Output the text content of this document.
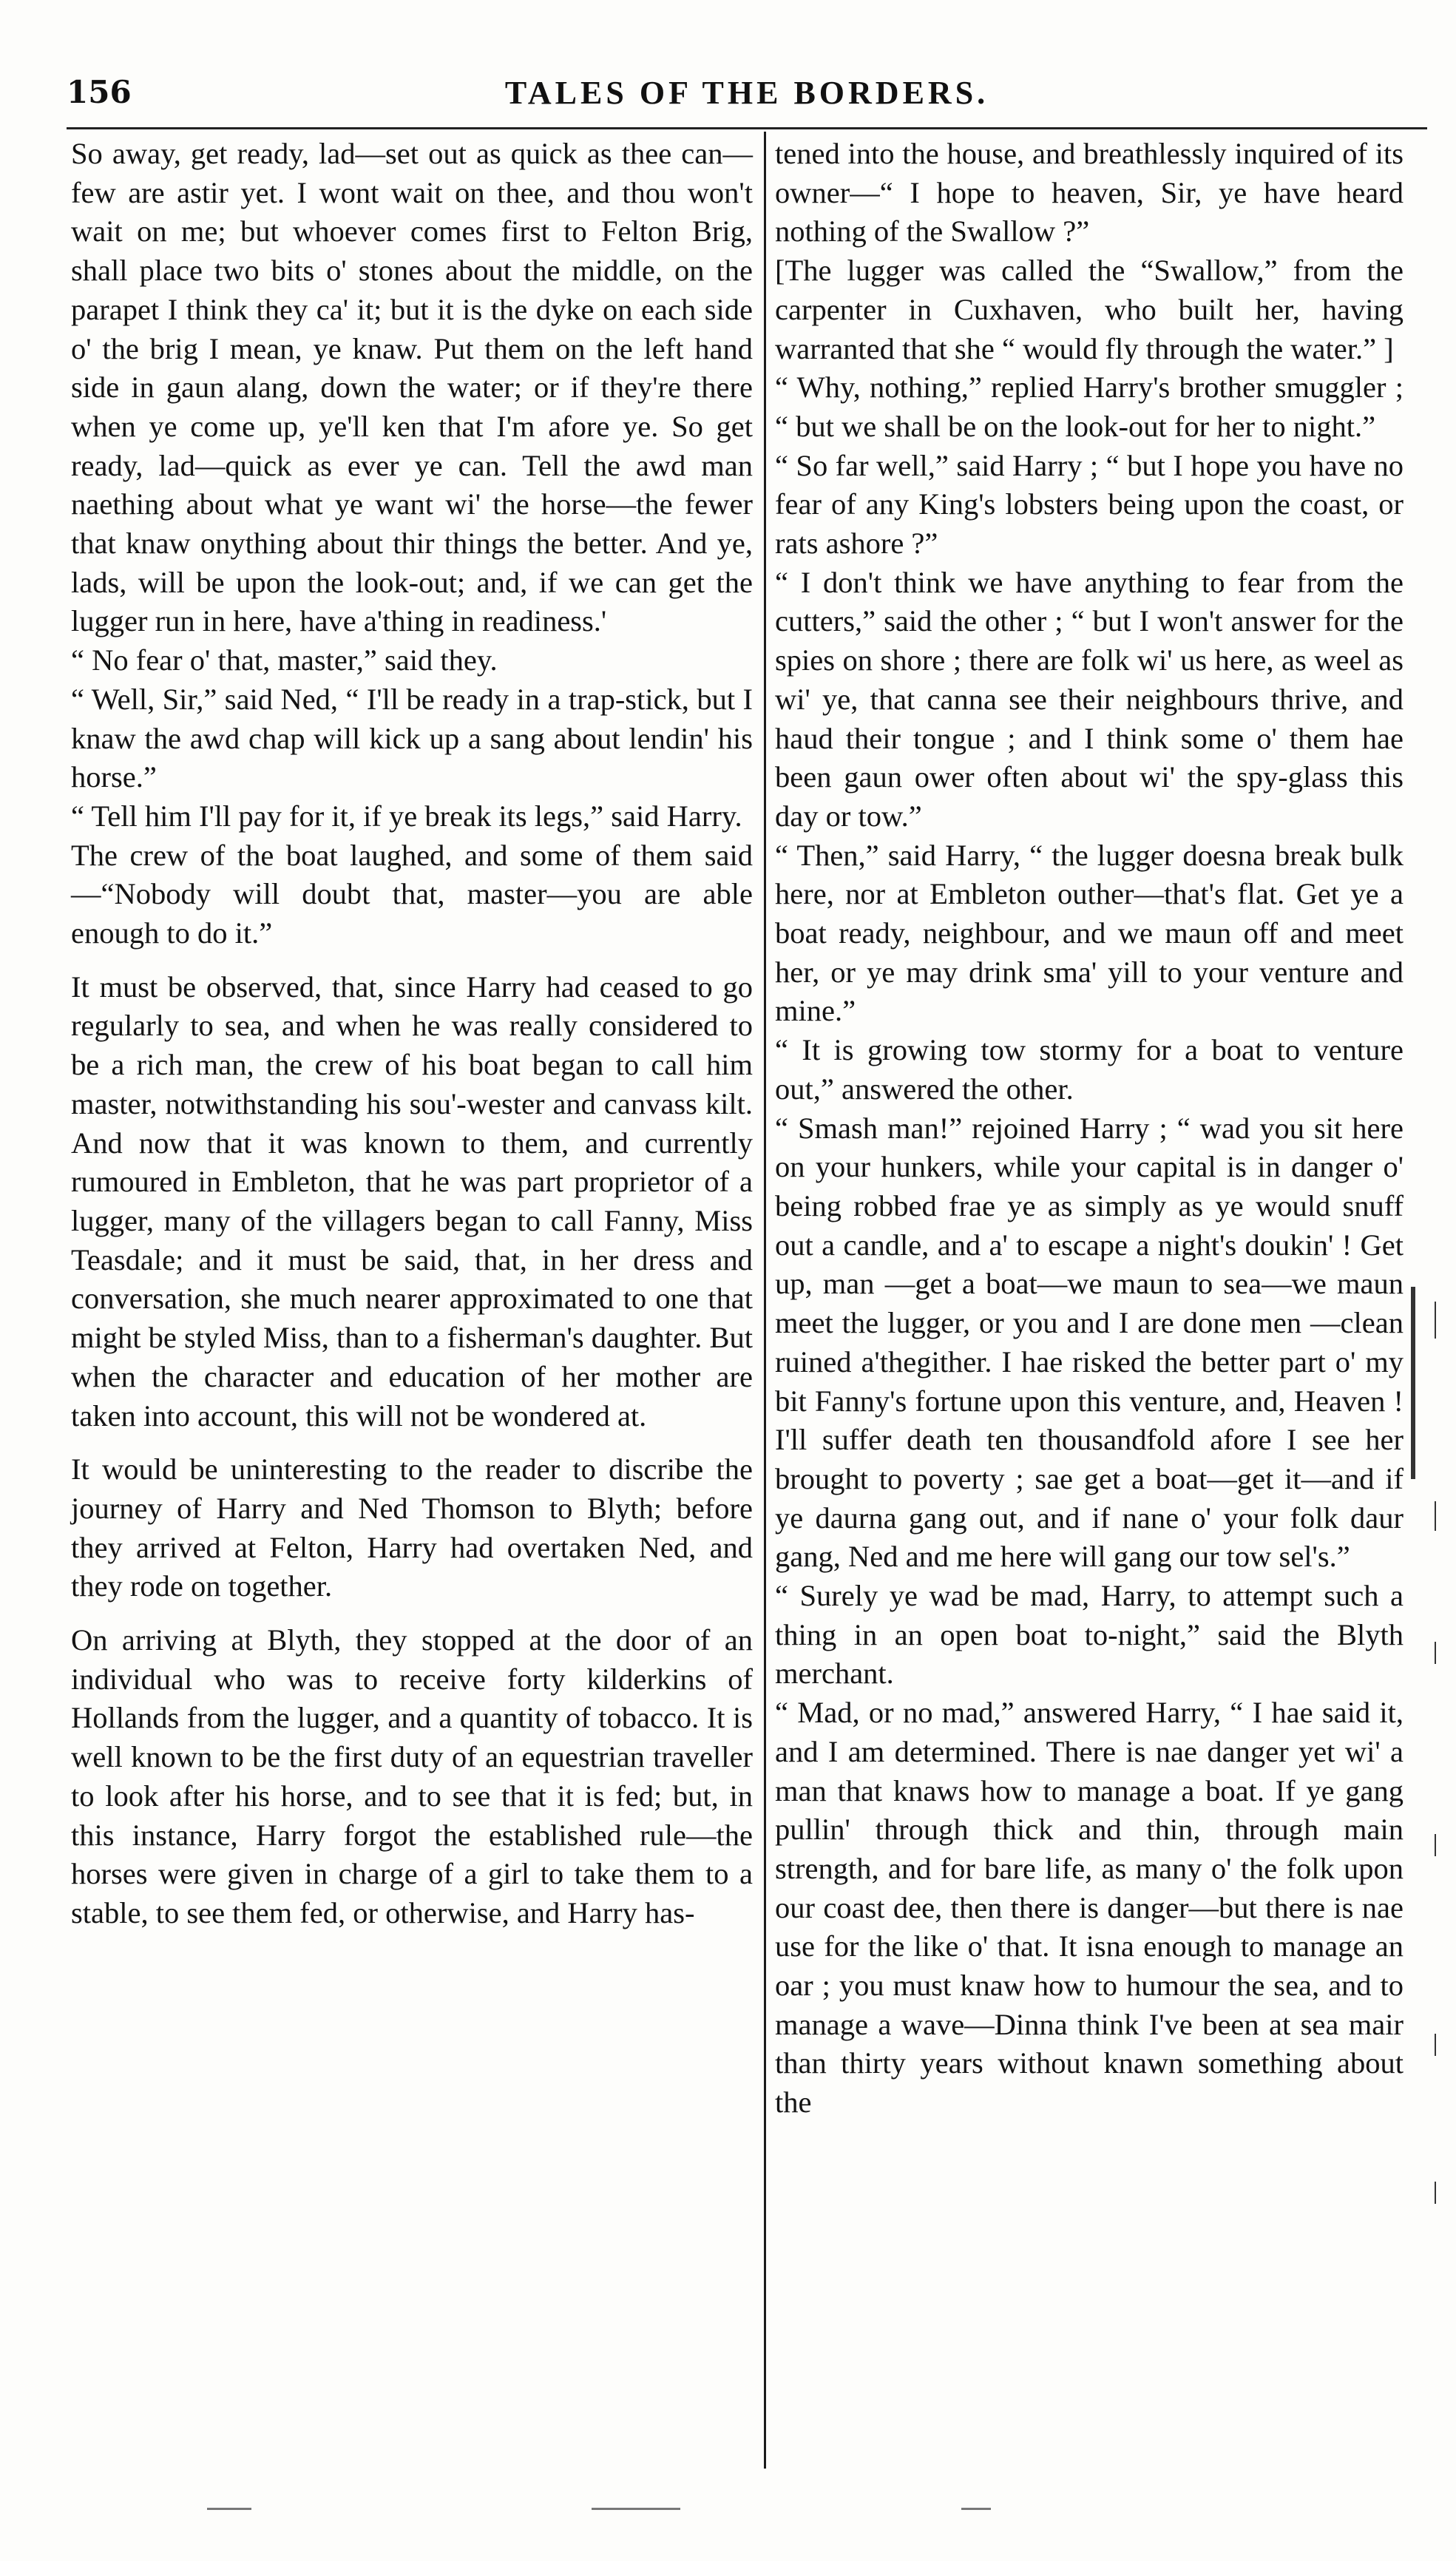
156	TALES OF THE BORDERS.

So away, get ready, lad—set out as quick as thee can—few are astir yet. I wont wait on thee, and thou won't wait on me; but whoever comes first to Felton Brig, shall place two bits o' stones about the middle, on the parapet I think they ca' it; but it is the dyke on each side o' the brig I mean, ye knaw. Put them on the left hand side in gaun alang, down the water; or if they're there when ye come up, ye'll ken that I'm afore ye. So get ready, lad—quick as ever ye can. Tell the awd man naething about what ye want wi' the horse—the fewer that knaw onything about thir things the better. And ye, lads, will be upon the look-out; and, if we can get the lugger run in here, have a'thing in readiness.'

“ No fear o' that, master,” said they.

“ Well, Sir,” said Ned, “ I'll be ready in a trap-stick, but I knaw the awd chap will kick up a sang about lendin' his horse.”

“ Tell him I'll pay for it, if ye break its legs,” said Harry.

The crew of the boat laughed, and some of them said—“Nobody will doubt that, master—you are able enough to do it.”

It must be observed, that, since Harry had ceased to go regularly to sea, and when he was really considered to be a rich man, the crew of his boat began to call him master, notwithstanding his sou'-wester and canvass kilt. And now that it was known to them, and currently rumoured in Embleton, that he was part proprietor of a lugger, many of the villagers began to call Fanny, Miss Teasdale; and it must be said, that, in her dress and conversation, she much nearer approximated to one that might be styled Miss, than to a fisherman's daughter. But when the character and education of her mother are taken into account, this will not be wondered at.

It would be uninteresting to the reader to discribe the journey of Harry and Ned Thomson to Blyth; before they arrived at Felton, Harry had overtaken Ned, and they rode on together.

On arriving at Blyth, they stopped at the door of an individual who was to receive forty kilderkins of Hollands from the lugger, and a quantity of tobacco. It is well known to be the first duty of an equestrian traveller to look after his horse, and to see that it is fed; but, in this instance, Harry forgot the established rule—the horses were given in charge of a girl to take them to a stable, to see them fed, or otherwise, and Harry has-

tened into the house, and breathlessly inquired of its owner—“ I hope to heaven, Sir, ye have heard nothing of the Swallow ?”

[The lugger was called the “Swallow,” from the carpenter in Cuxhaven, who built her, having warranted that she “ would fly through the water.” ]

“ Why, nothing,” replied Harry's brother smuggler ; “ but we shall be on the look-out for her to night.”

“ So far well,” said Harry ; “ but I hope you have no fear of any King's lobsters being upon the coast, or rats ashore ?”

“ I don't think we have anything to fear from the cutters,” said the other ; “ but I won't answer for the spies on shore ; there are folk wi' us here, as weel as wi' ye, that canna see their neighbours thrive, and haud their tongue ; and I think some o' them hae been gaun ower often about wi' the spy-glass this day or tow.”

“ Then,” said Harry, “ the lugger doesna break bulk here, nor at Embleton outher—that's flat. Get ye a boat ready, neighbour, and we maun off and meet her, or ye may drink sma' yill to your venture and mine.”

“ It is growing tow stormy for a boat to venture out,” answered the other.

“ Smash man!” rejoined Harry ; “ wad you sit here on your hunkers, while your capital is in danger o' being robbed frae ye as simply as ye would snuff out a candle, and a' to escape a night's doukin' ! Get up, man —get a boat—we maun to sea—we maun meet the lugger, or you and I are done men —clean ruined a'thegither. I hae risked the better part o' my bit Fanny's fortune upon this venture, and, Heaven ! I'll suffer death ten thousandfold afore I see her brought to poverty ; sae get a boat—get it—and if ye daurna gang out, and if nane o' your folk daur gang, Ned and me here will gang our tow sel's.”

“ Surely ye wad be mad, Harry, to attempt such a thing in an open boat to-night,” said the Blyth merchant.

“ Mad, or no mad,” answered Harry, “ I hae said it, and I am determined. There is nae danger yet wi' a man that knaws how to manage a boat. If ye gang pullin' through thick and thin, through main strength, and for bare life, as many o' the folk upon our coast dee, then there is danger—but there is nae use for the like o' that. It isna enough to manage an oar ; you must knaw how to humour the sea, and to manage a wave—Dinna think I've been at sea mair than thirty years without knawn something about the
